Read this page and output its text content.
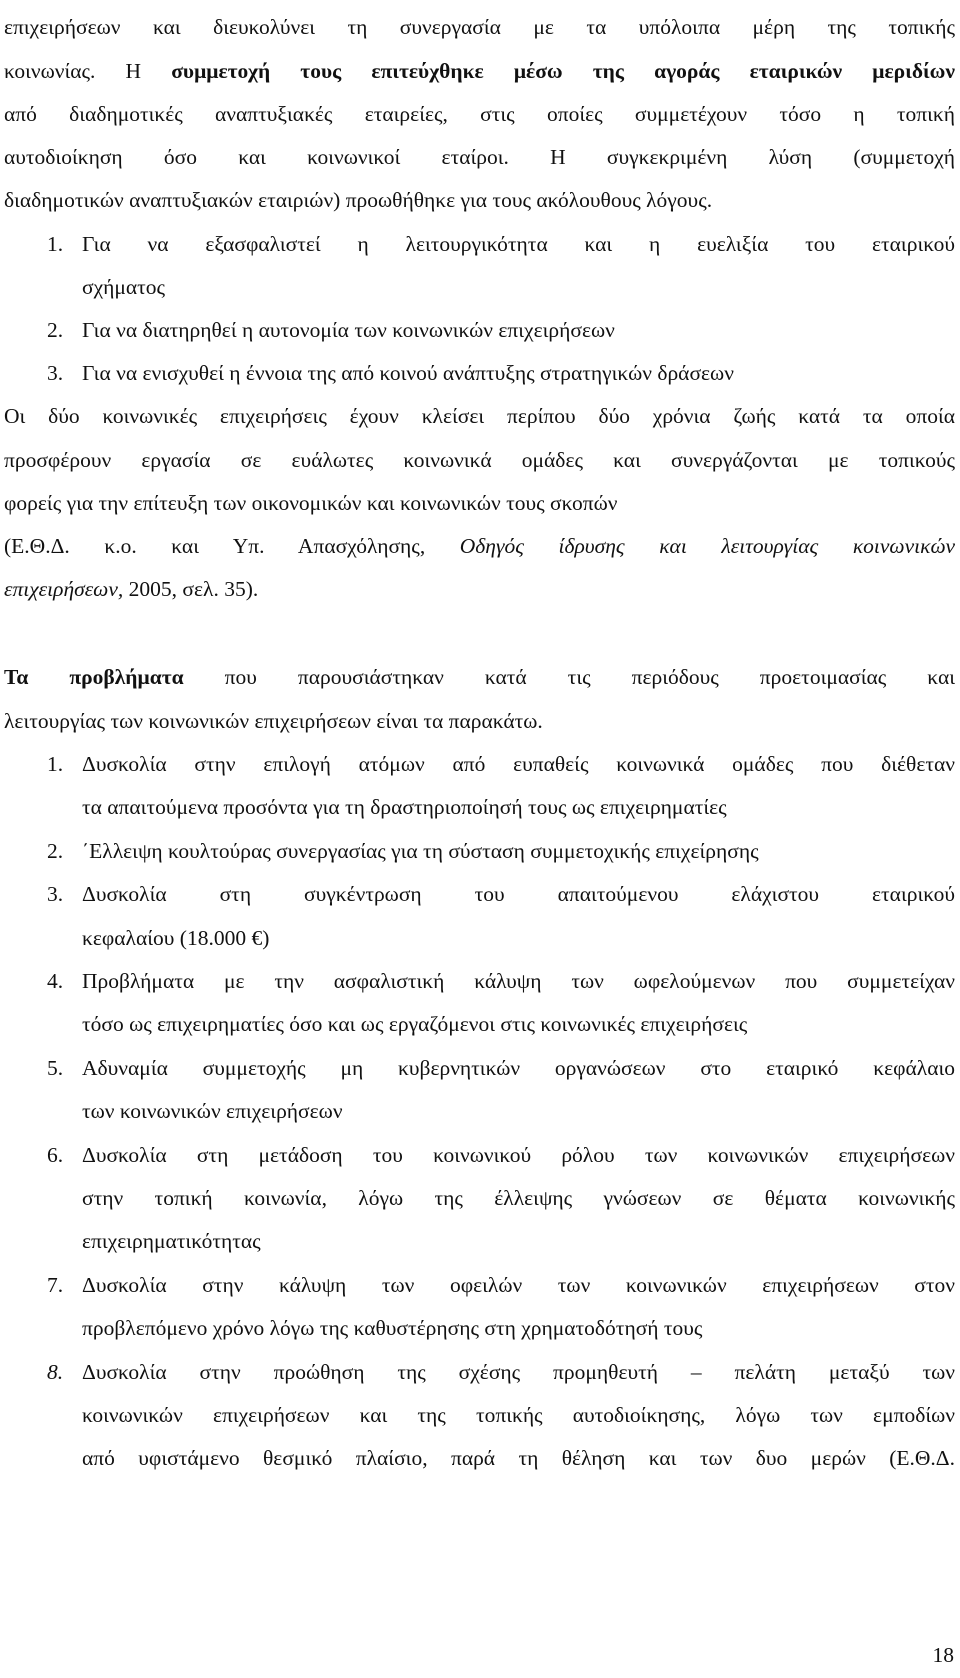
επιχειρήσεων και διευκολύνει τη συνεργασία με τα υπόλοιπα μέρη της τοπικής
κοινωνίας. Η συμμετοχή τους επιτεύχθηκε μέσω της αγοράς εταιρικών μεριδίων
από διαδημοτικές αναπτυξιακές εταιρείες, στις οποίες συμμετέχουν τόσο η τοπική
αυτοδιοίκηση όσο και κοινωνικοί εταίροι. Η συγκεκριμένη λύση (συμμετοχή
διαδημοτικών αναπτυξιακών εταιριών) προωθήθηκε για τους ακόλουθους λόγους.
1. Για να εξασφαλιστεί η λειτουργικότητα και η ευελιξία του εταιρικού
σχήματος
2. Για να διατηρηθεί η αυτονομία των κοινωνικών επιχειρήσεων
3. Για να ενισχυθεί η έννοια της από κοινού ανάπτυξης στρατηγικών δράσεων
Οι δύο κοινωνικές επιχειρήσεις έχουν κλείσει περίπου δύο χρόνια ζωής κατά τα οποία
προσφέρουν εργασία σε ευάλωτες κοινωνικά ομάδες και συνεργάζονται με τοπικούς
φορείς για την επίτευξη των οικονομικών και κοινωνικών τους σκοπών
(Ε.Θ.Δ. κ.ο. και Υπ. Απασχόλησης, Οδηγός ίδρυσης και λειτουργίας κοινωνικών
επιχειρήσεων, 2005, σελ. 35).
Τα προβλήματα που παρουσιάστηκαν κατά τις περιόδους προετοιμασίας και
λειτουργίας των κοινωνικών επιχειρήσεων είναι τα παρακάτω.
1. Δυσκολία στην επιλογή ατόμων από ευπαθείς κοινωνικά ομάδες που διέθεταν
τα απαιτούμενα προσόντα για τη δραστηριοποίησή τους ως επιχειρηματίες
2. ΄Ελλειψη κουλτούρας συνεργασίας για τη σύσταση συμμετοχικής επιχείρησης
3. Δυσκολία στη συγκέντρωση του απαιτούμενου ελάχιστου εταιρικού
κεφαλαίου (18.000 €)
4. Προβλήματα με την ασφαλιστική κάλυψη των ωφελούμενων που συμμετείχαν
τόσο ως επιχειρηματίες όσο και ως εργαζόμενοι στις κοινωνικές επιχειρήσεις
5. Αδυναμία συμμετοχής μη κυβερνητικών οργανώσεων στο εταιρικό κεφάλαιο
των κοινωνικών επιχειρήσεων
6. Δυσκολία στη μετάδοση του κοινωνικού ρόλου των κοινωνικών επιχειρήσεων
στην τοπική κοινωνία, λόγω της έλλειψης γνώσεων σε θέματα κοινωνικής
επιχειρηματικότητας
7. Δυσκολία στην κάλυψη των οφειλών των κοινωνικών επιχειρήσεων στον
προβλεπόμενο χρόνο λόγω της καθυστέρησης στη χρηματοδότησή τους
8. Δυσκολία στην προώθηση της σχέσης προμηθευτή – πελάτη μεταξύ των
κοινωνικών επιχειρήσεων και της τοπικής αυτοδιοίκησης, λόγω των εμποδίων
από υφιστάμενο θεσμικό πλαίσιο, παρά τη θέληση και των δυο μερών (Ε.Θ.Δ.
18
